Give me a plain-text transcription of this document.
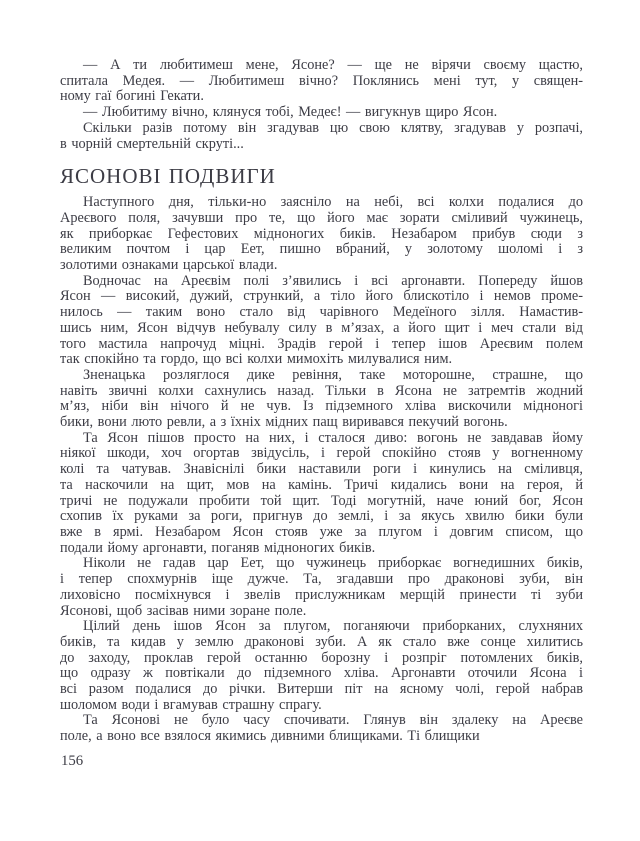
— А ти любитимеш мене, Ясоне? — ще не вірячи своєму щастю,
спитала Медея. — Любитимеш вічно? Поклянись мені тут, у священ-
ному гаї богині Гекати.
— Любитиму вічно, клянуся тобі, Медеє! — вигукнув щиро Ясон.
Скільки разів потому він згадував цю свою клятву, згадував у розпачі,
в чорній смертельній скруті...
ЯСОНОВІ ПОДВИГИ
Наступного дня, тільки-но заясніло на небі, всі колхи подалися до
Ареєвого поля, зачувши про те, що його має зорати сміливий чужинець,
як приборкає Гефестових мідноногих биків. Незабаром прибув сюди з
великим почтом і цар Еет, пишно вбраний, у золотому шоломі і з
золотими ознаками царської влади.
Водночас на Ареєвім полі з’явились і всі аргонавти. Попереду йшов
Ясон — високий, дужий, стрункий, а тіло його блискотіло і немов проме-
нилось — таким воно стало від чарівного Медеїного зілля. Намастив-
шись ним, Ясон відчув небувалу силу в м’язах, а його щит і меч стали від
того мастила напрочуд міцні. Зрадів герой і тепер ішов Ареєвим полем
так спокійно та гордо, що всі колхи мимохіть милувалися ним.
Зненацька розляглося дике ревіння, таке моторошне, страшне, що
навіть звичні колхи сахнулись назад. Тільки в Ясона не затремтів жодний
м’яз, ніби він нічого й не чув. Із підземного хліва вискочили мідноногі
бики, вони люто ревли, а з їхніх мідних пащ виривався пекучий вогонь.
Та Ясон пішов просто на них, і сталося диво: вогонь не завдавав йому
ніякої шкоди, хоч огортав звідусіль, і герой спокійно стояв у вогненному
колі та чатував. Знавіснілі бики наставили роги і кинулись на сміливця,
та наскочили на щит, мов на камінь. Тричі кидались вони на героя, й
тричі не подужали пробити той щит. Тоді могутній, наче юний бог, Ясон
схопив їх руками за роги, пригнув до землі, і за якусь хвилю бики були
вже в ярмі. Незабаром Ясон стояв уже за плугом і довгим списом, що
подали йому аргонавти, поганяв мідноногих биків.
Ніколи не гадав цар Еет, що чужинець приборкає вогнедишних биків,
і тепер спохмурнів іще дужче. Та, згадавши про драконові зуби, він
лиховісно посміхнувся і звелів прислужникам мерщій принести ті зуби
Ясонові, щоб засівав ними зоране поле.
Цілий день ішов Ясон за плугом, поганяючи приборканих, слухняних
биків, та кидав у землю драконові зуби. А як стало вже сонце хилитись
до заходу, проклав герой останню борозну і розпріг потомлених биків,
що одразу ж повтікали до підземного хліва. Аргонавти оточили Ясона і
всі разом подалися до річки. Витерши піт на ясному чолі, герой набрав
шоломом води і вгамував страшну спрагу.
Та Ясонові не було часу спочивати. Глянув він здалеку на Ареєве
поле, а воно все взялося якимись дивними блищиками. Ті блищики
156
